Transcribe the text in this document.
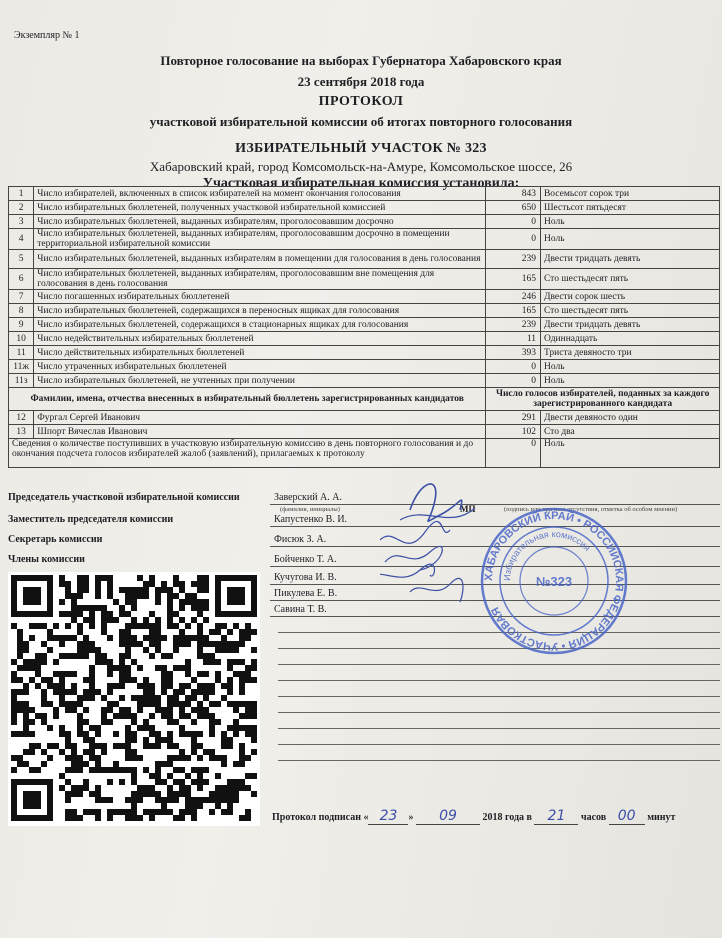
Экземпляр № 1
Повторное голосование на выборах Губернатора Хабаровского края
23 сентября 2018 года
ПРОТОКОЛ
участковой избирательной комиссии об итогах повторного голосования
ИЗБИРАТЕЛЬНЫЙ УЧАСТОК № 323
Хабаровский край, город Комсомольск-на-Амуре, Комсомольское шоссе, 26
Участковая избирательная комиссия установила:
1	Число избирателей, включенных в список избирателей на момент окончания голосования	843	Восемьсот сорок три
2	Число избирательных бюллетеней, полученных участковой избирательной комиссией	650	Шестьсот пятьдесят
3	Число избирательных бюллетеней, выданных избирателям, проголосовавшим досрочно	0	Ноль
4	Число избирательных бюллетеней, выданных избирателям, проголосовавшим досрочно в помещении территориальной избирательной комиссии	0	Ноль
5	Число избирательных бюллетеней, выданных избирателям в помещении для голосования в день голосования	239	Двести тридцать девять
6	Число избирательных бюллетеней, выданных избирателям, проголосовавшим вне помещения для голосования в день голосования	165	Сто шестьдесят пять
7	Число погашенных избирательных бюллетеней	246	Двести сорок шесть
8	Число избирательных бюллетеней, содержащихся в переносных ящиках для голосования	165	Сто шестьдесят пять
9	Число избирательных бюллетеней, содержащихся в стационарных ящиках для голосования	239	Двести тридцать девять
10	Число недействительных избирательных бюллетеней	11	Одиннадцать
11	Число действительных избирательных бюллетеней	393	Триста девяносто три
11ж	Число утраченных избирательных бюллетеней	0	Ноль
11з	Число избирательных бюллетеней, не учтенных при получении	0	Ноль
Фамилии, имена, отчества внесенных в избирательный бюллетень зарегистрированных кандидатов		Число голосов избирателей, поданных за каждого зарегистрированного кандидата	
12	Фургал Сергей Иванович	291	Двести девяносто один
13	Шпорт Вячеслав Иванович	102	Сто два
Сведения о количестве поступивших в участковую избирательную комиссию в день повторного голосования и до окончания подсчета голосов избирателей жалоб (заявлений), прилагаемых к протоколу		0	Ноль
Председатель участковой избирательной комиссии	Заверский А. А.
(фамилия, инициалы)	МП	(подпись или причина отсутствия, отметка об особом мнении)
Заместитель председателя комиссии	Капустенко В. И.
Секретарь комиссии	Фисюк З. А.
Члены комиссии	Бойченко Т. А.
Кучугова И. В.
Пикулева Е. В.
Савина Т. В.
ХАБАРОВСКИЙ КРАЙ • РОССИЙСКАЯ ФЕДЕРАЦИЯ • УЧАСТКОВАЯ
Избирательная комиссия
№323
Протокол подписан « 23 » 09	2018 года в 21 часов 00 минут
